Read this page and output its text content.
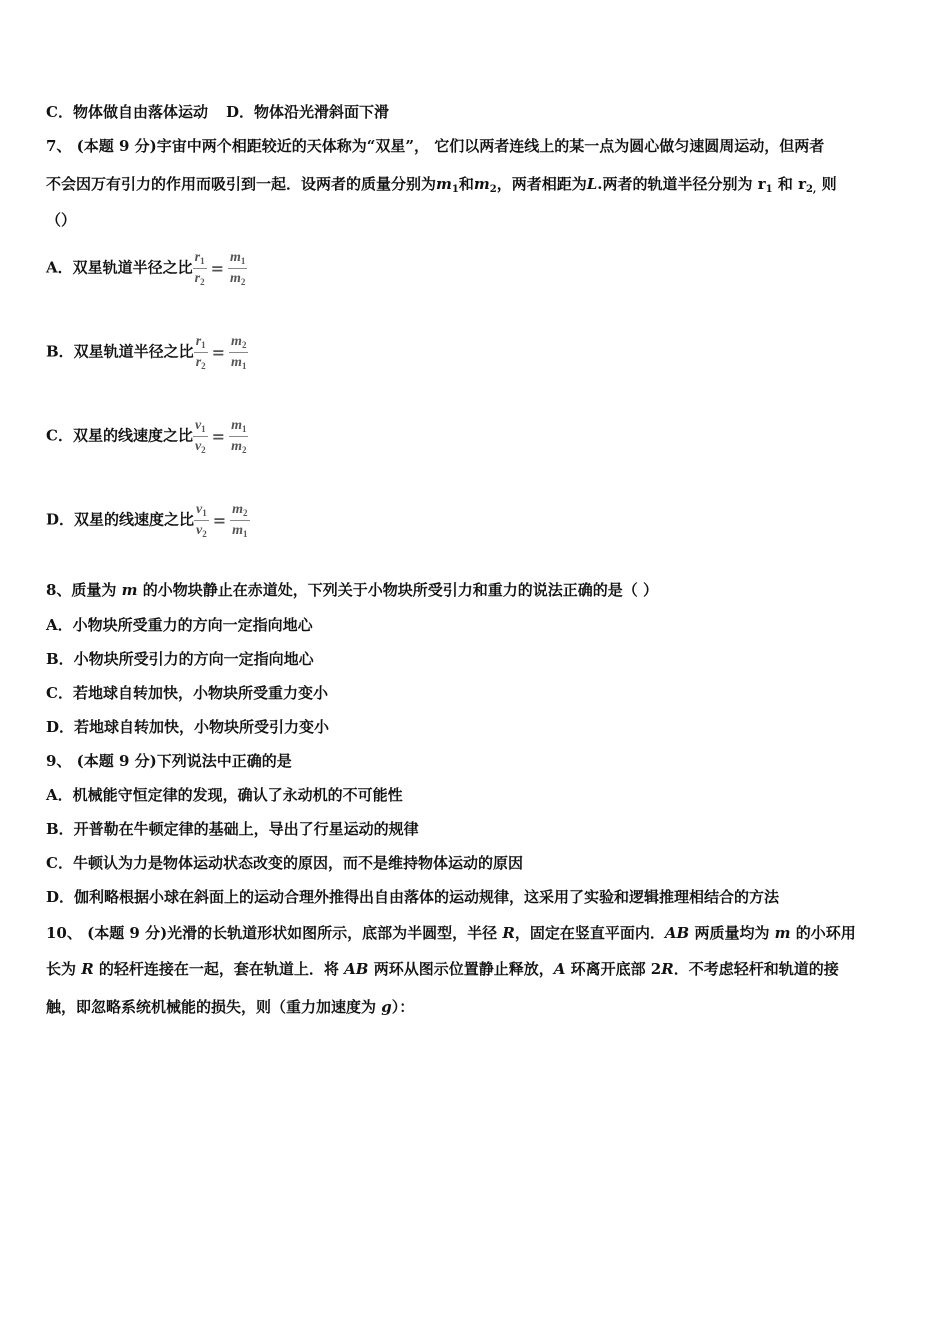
C．物体做自由落体运动 D．物体沿光滑斜面下滑
7、 (本题 9 分)宇宙中两个相距较近的天体称为“双星”， 它们以两者连线上的某一点为圆心做匀速圆周运动，但两者
不会因万有引力的作用而吸引到一起．设两者的质量分别为$m_1$和$m_2$，两者相距为L.两者的轨道半径分别为 $r_1$ 和 $r_{2,}$ 则
（）
A．双星轨道半径之比 $\frac{r_1}{r_2} = \frac{m_1}{m_2}$
B．双星轨道半径之比 $\frac{r_1}{r_2} = \frac{m_2}{m_1}$
C．双星的线速度之比 $\frac{v_1}{v_2} = \frac{m_1}{m_2}$
D．双星的线速度之比 $\frac{v_1}{v_2} = \frac{m_2}{m_1}$
8、质量为 m 的小物块静止在赤道处，下列关于小物块所受引力和重力的说法正确的是（ ）
A．小物块所受重力的方向一定指向地心
B．小物块所受引力的方向一定指向地心
C．若地球自转加快，小物块所受重力变小
D．若地球自转加快，小物块所受引力变小
9、 (本题 9 分)下列说法中正确的是
A．机械能守恒定律的发现，确认了永动机的不可能性
B．开普勒在牛顿定律的基础上，导出了行星运动的规律
C．牛顿认为力是物体运动状态改变的原因，而不是维持物体运动的原因
D．伽利略根据小球在斜面上的运动合理外推得出自由落体的运动规律，这采用了实验和逻辑推理相结合的方法
10、 (本题 9 分)光滑的长轨道形状如图所示，底部为半圆型，半径 R，固定在竖直平面内．AB 两质量均为 m 的小环用
长为 R 的轻杆连接在一起，套在轨道上．将 AB 两环从图示位置静止释放，A 环离开底部 2R．不考虑轻杆和轨道的接
触，即忽略系统机械能的损失，则（重力加速度为 g）：
